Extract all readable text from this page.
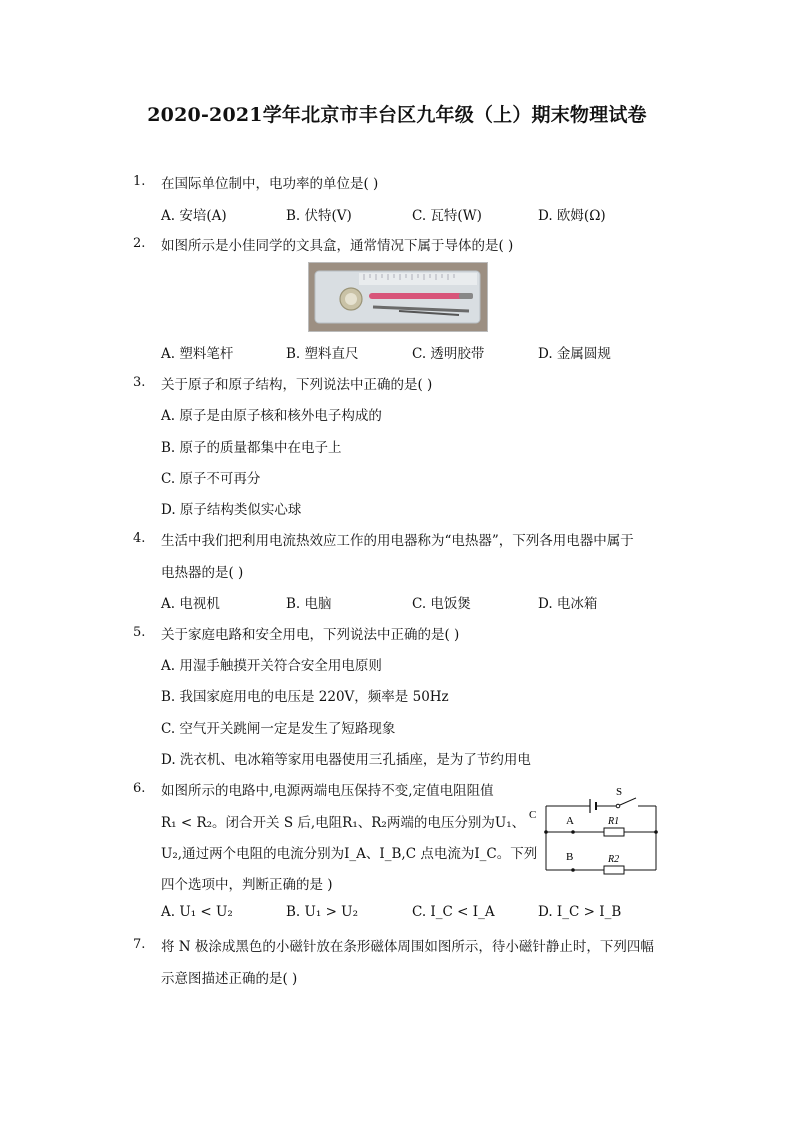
2020-2021学年北京市丰台区九年级（上）期末物理试卷
1. 在国际单位制中，电功率的单位是( )
A. 安培(A)	B. 伏特(V)	C. 瓦特(W)	D. 欧姆(Ω)
2. 如图所示是小佳同学的文具盒，通常情况下属于导体的是( )
A. 塑料笔杆	B. 塑料直尺	C. 透明胶带	D. 金属圆规
3. 关于原子和原子结构，下列说法中正确的是( )
A. 原子是由原子核和核外电子构成的
B. 原子的质量都集中在电子上
C. 原子不可再分
D. 原子结构类似实心球
4. 生活中我们把利用电流热效应工作的用电器称为“电热器”，下列各用电器中属于
电热器的是( )
A. 电视机	B. 电脑	C. 电饭煲	D. 电冰箱
5. 关于家庭电路和安全用电，下列说法中正确的是( )
A. 用湿手触摸开关符合安全用电原则
B. 我国家庭用电的电压是 220V，频率是 50Hz
C. 空气开关跳闸一定是发生了短路现象
D. 洗衣机、电冰箱等家用电器使用三孔插座，是为了节约用电
6. 如图所示的电路中,电源两端电压保持不变,定值电阻阻值
R₁ < R₂。闭合开关 S 后,电阻R₁、R₂两端的电压分别为U₁、
U₂,通过两个电阻的电流分别为I_A、I_B,C 点电流为I_C。下列
四个选项中，判断正确的是 )
S
C	A
B
R1
R2
A. U₁ < U₂	B. U₁ > U₂	C. I_C < I_A	D. I_C > I_B
7. 将 N 极涂成黑色的小磁针放在条形磁体周围如图所示，待小磁针静止时，下列四幅
示意图描述正确的是( )
